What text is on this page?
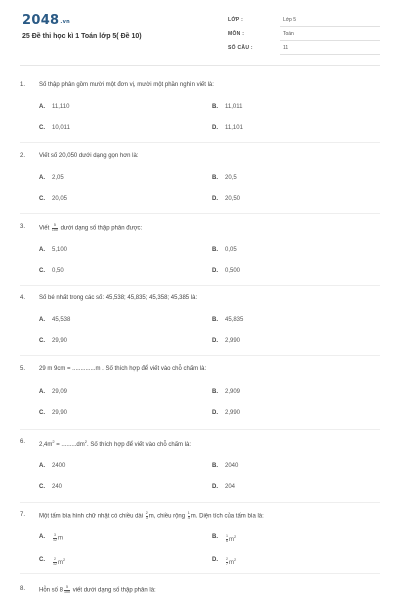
2048.vn
25 Đề thi học kì 1 Toán lớp 5( Đề 10)
LỚP :	Lớp 5
MÔN :	Toán
SỐ CÂU :	11
1. Số thập phân gồm mười một đơn vị, mười một phần nghìn viết là:
A. 11,110	B. 11,011
C. 10,011	D. 11,101
2. Viết số 20,050 dưới dạng gọn hơn là:
A. 2,05	B. 20,5
C. 20,05	D. 20,50
3. Viết $\frac{5}{100}$ dưới dạng số thập phân được:
A. 5,100	B. 0,05
C. 0,50	D. 0,500
4. Số bé nhất trong các số: 45,538; 45,835; 45,358; 45,385 là:
A. 45,538	B. 45,835
C. 29,90	D. 2,990
5. 29 m 9cm = ..............m . Số thích hợp để viết vào chỗ chấm là:
A. 29,09	B. 2,909
C. 29,90	D. 2,990
6. $2,4m^2 = .........dm^2$. Số thích hợp để viết vào chỗ chấm là:
A. 2400	B. 2040
C. 240	D. 204
7. Một tấm bìa hình chữ nhật có chiều dài $\frac{2}{3} m$, chiều rộng $\frac{1}{4} m$. Diện tích của tấm bìa là:
A. $\frac{3}{12}$ m	B. $\frac{1}{6} m^2$
C. $\frac{2}{12} m^2$	D. $\frac{2}{7} m^2$
8. Hỗn số $8 \frac{5}{100}$ viết dưới dạng số thập phân là:
